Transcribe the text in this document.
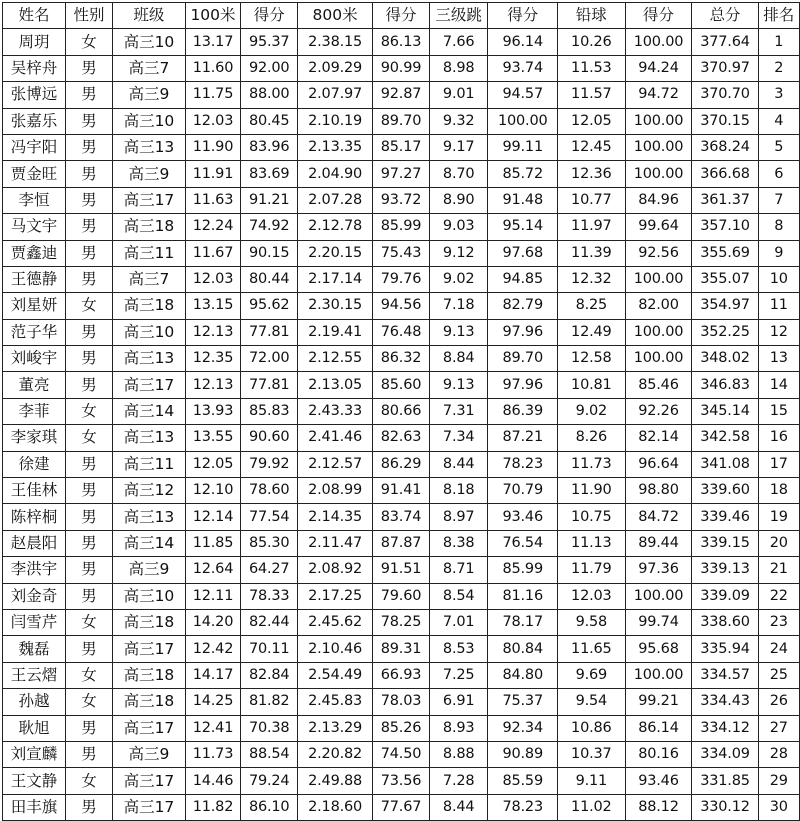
姓名	性别	班级	100米	得分	800米	得分	三级跳	得分	铅球	得分	总分	排名
周玥	女	高三10	13.17	95.37	2.38.15	86.13	7.66	96.14	10.26	100.00	377.64	1
吴梓舟	男	高三7	11.60	92.00	2.09.29	90.99	8.98	93.74	11.53	94.24	370.97	2
张博远	男	高三9	11.75	88.00	2.07.97	92.87	9.01	94.57	11.57	94.72	370.70	3
张嘉乐	男	高三10	12.03	80.45	2.10.19	89.70	9.32	100.00	12.05	100.00	370.15	4
冯宇阳	男	高三13	11.90	83.96	2.13.35	85.17	9.17	99.11	12.45	100.00	368.24	5
贾金旺	男	高三9	11.91	83.69	2.04.90	97.27	8.70	85.72	12.36	100.00	366.68	6
李恒	男	高三17	11.63	91.21	2.07.28	93.72	8.90	91.48	10.77	84.96	361.37	7
马文宇	男	高三18	12.24	74.92	2.12.78	85.99	9.03	95.14	11.97	99.64	357.10	8
贾鑫迪	男	高三11	11.67	90.15	2.20.15	75.43	9.12	97.68	11.39	92.56	355.69	9
王德静	男	高三7	12.03	80.44	2.17.14	79.76	9.02	94.85	12.32	100.00	355.07	10
刘星妍	女	高三18	13.15	95.62	2.30.15	94.56	7.18	82.79	8.25	82.00	354.97	11
范子华	男	高三10	12.13	77.81	2.19.41	76.48	9.13	97.96	12.49	100.00	352.25	12
刘峻宇	男	高三13	12.35	72.00	2.12.55	86.32	8.84	89.70	12.58	100.00	348.02	13
董亮	男	高三17	12.13	77.81	2.13.05	85.60	9.13	97.96	10.81	85.46	346.83	14
李菲	女	高三14	13.93	85.83	2.43.33	80.66	7.31	86.39	9.02	92.26	345.14	15
李家琪	女	高三13	13.55	90.60	2.41.46	82.63	7.34	87.21	8.26	82.14	342.58	16
徐建	男	高三11	12.05	79.92	2.12.57	86.29	8.44	78.23	11.73	96.64	341.08	17
王佳林	男	高三12	12.10	78.60	2.08.99	91.41	8.18	70.79	11.90	98.80	339.60	18
陈梓桐	男	高三13	12.14	77.54	2.14.35	83.74	8.97	93.46	10.75	84.72	339.46	19
赵晨阳	男	高三14	11.85	85.30	2.11.47	87.87	8.38	76.54	11.13	89.44	339.15	20
李洪宇	男	高三9	12.64	64.27	2.08.92	91.51	8.71	85.99	11.79	97.36	339.13	21
刘金奇	男	高三10	12.11	78.33	2.17.25	79.60	8.54	81.16	12.03	100.00	339.09	22
闫雪芹	女	高三18	14.20	82.44	2.45.62	78.25	7.01	78.17	9.58	99.74	338.60	23
魏磊	男	高三17	12.42	70.11	2.10.46	89.31	8.53	80.84	11.65	95.68	335.94	24
王云熠	女	高三18	14.17	82.84	2.54.49	66.93	7.25	84.80	9.69	100.00	334.57	25
孙越	女	高三18	14.25	81.82	2.45.83	78.03	6.91	75.37	9.54	99.21	334.43	26
耿旭	男	高三17	12.41	70.38	2.13.29	85.26	8.93	92.34	10.86	86.14	334.12	27
刘宣麟	男	高三9	11.73	88.54	2.20.82	74.50	8.88	90.89	10.37	80.16	334.09	28
王文静	女	高三17	14.46	79.24	2.49.88	73.56	7.28	85.59	9.11	93.46	331.85	29
田丰旗	男	高三17	11.82	86.10	2.18.60	77.67	8.44	78.23	11.02	88.12	330.12	30
